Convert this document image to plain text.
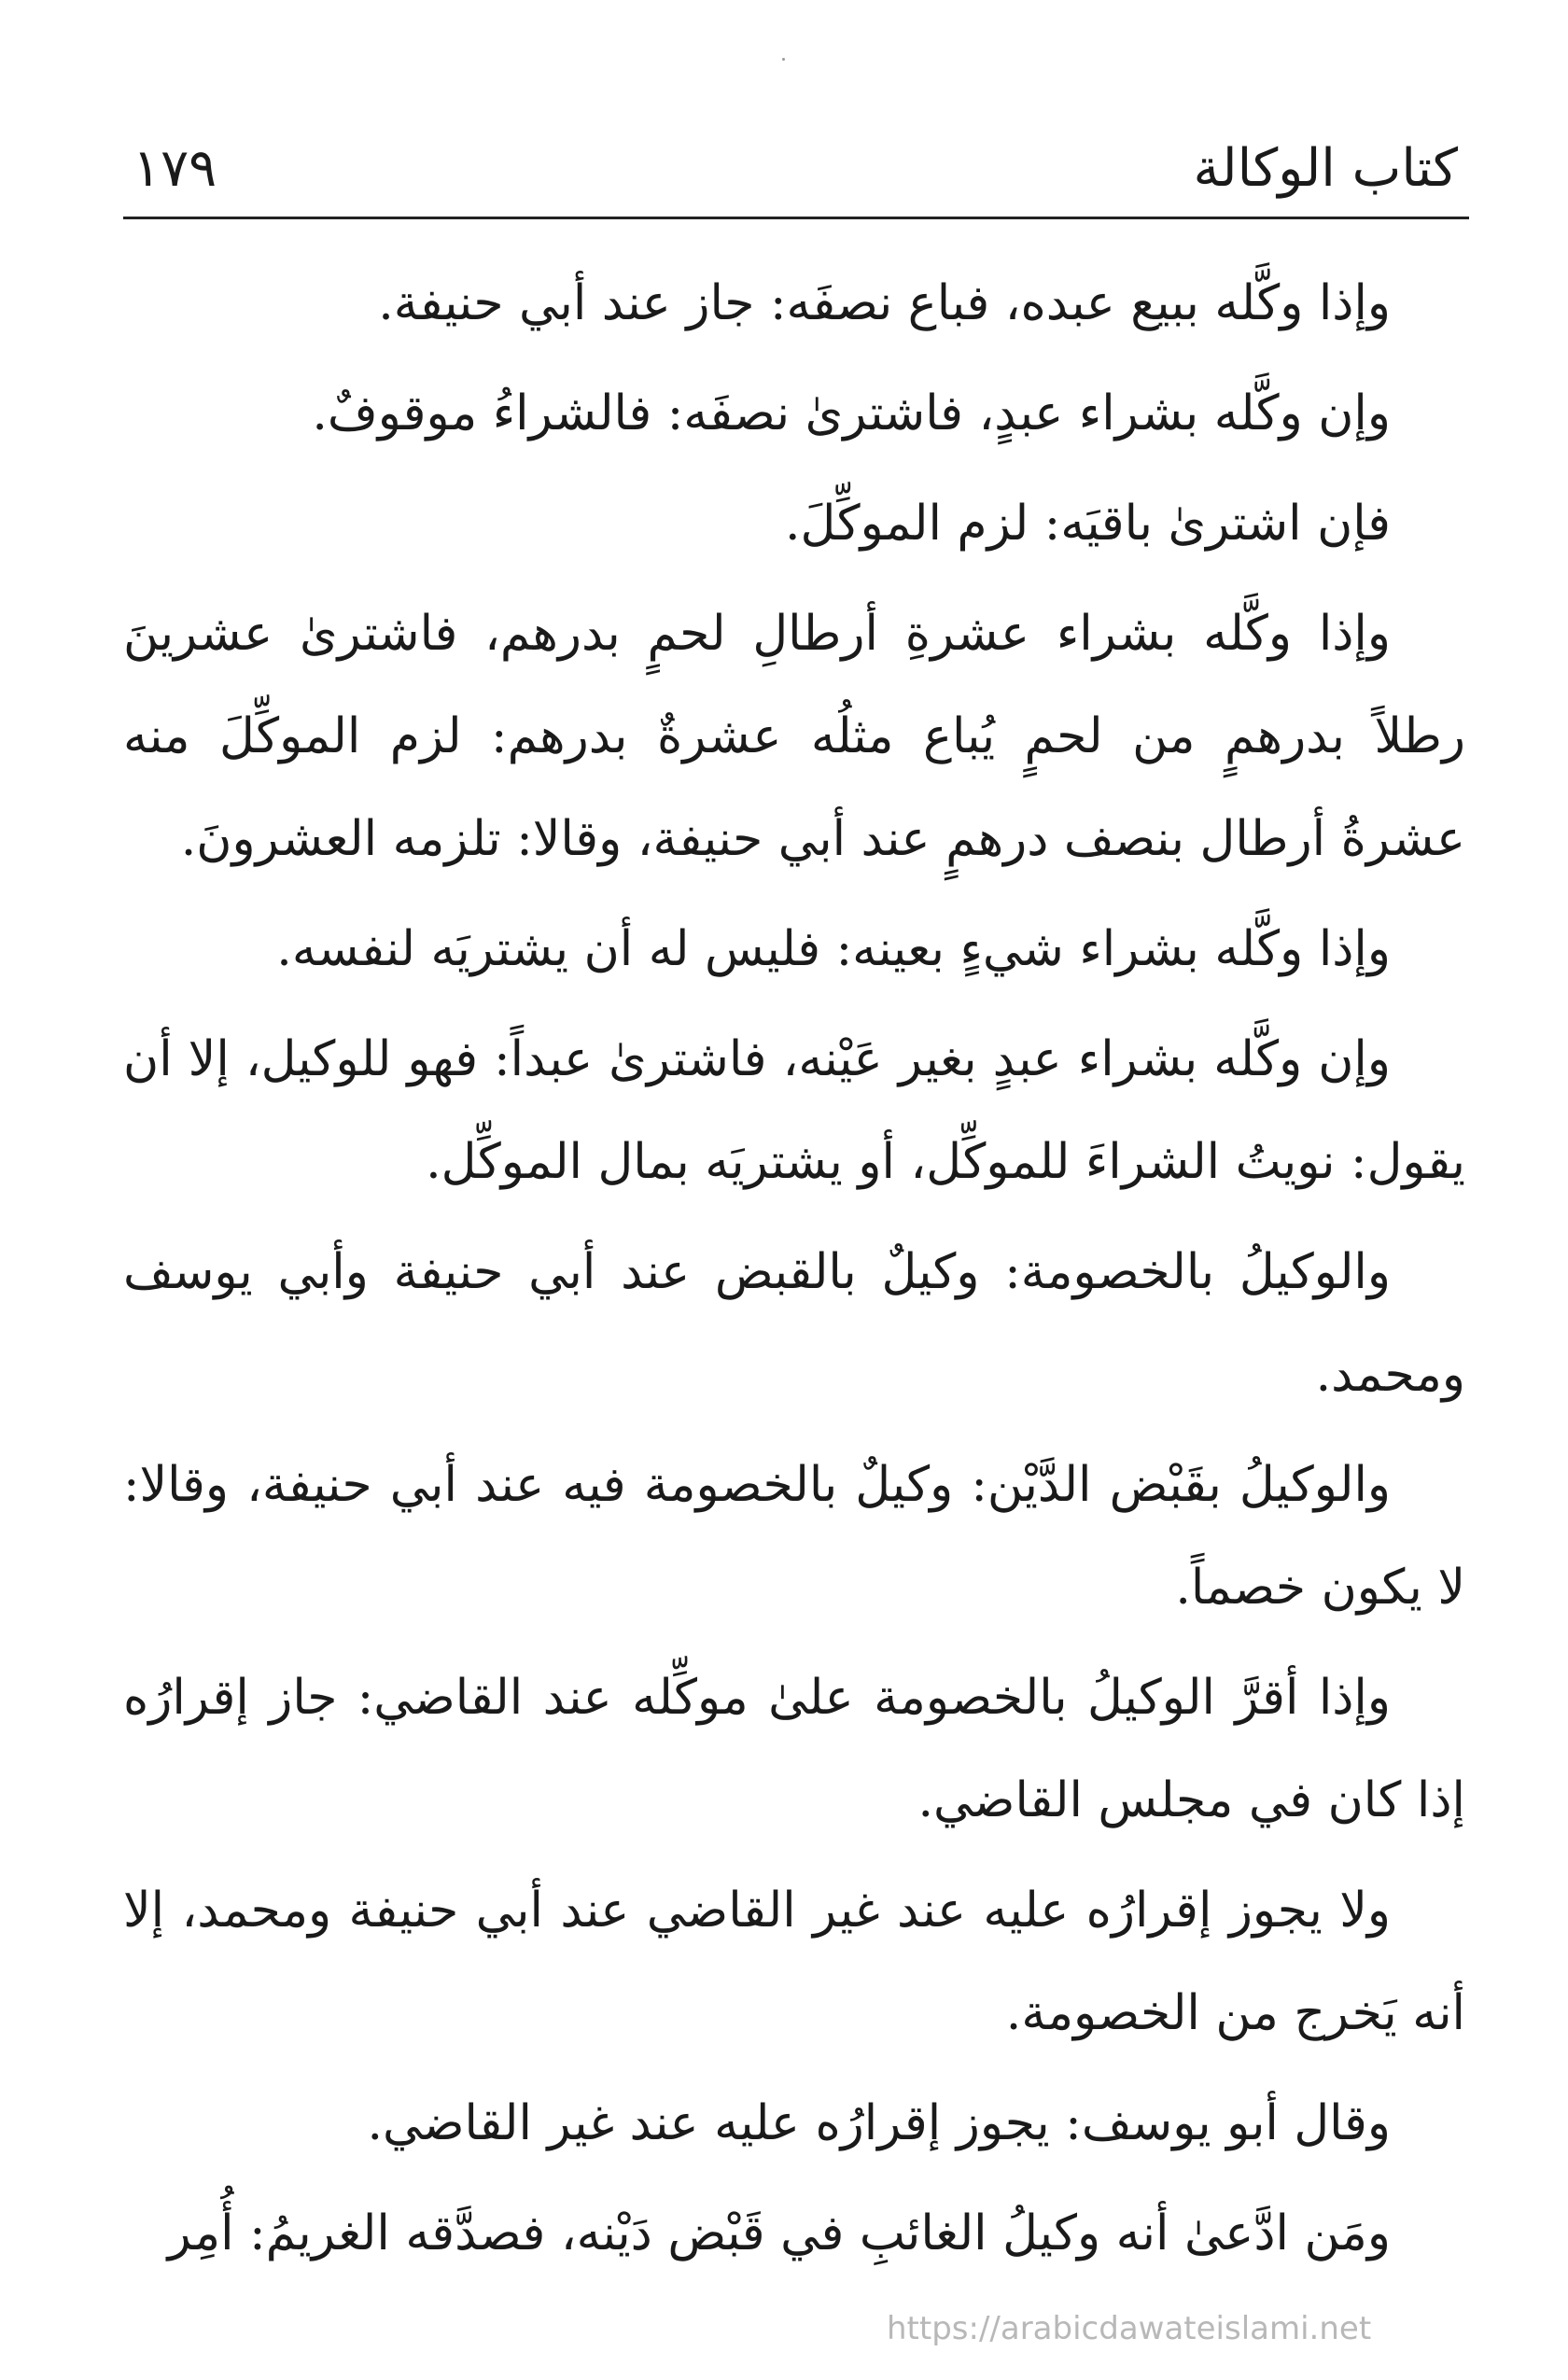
كتاب الوكالة
١٧٩

وإذا وكَّله ببيع عبده، فباع نصفَه: جاز عند أبي حنيفة.

وإن وكَّله بشراء عبدٍ، فاشترىٰ نصفَه: فالشراءُ موقوفٌ.

فإن اشترىٰ باقيَه: لزم الموكِّلَ.

وإذا وكَّله بشراء عشرةِ أرطالِ لحمٍ بدرهم، فاشترىٰ عشرينَ رطلاً بدرهمٍ من لحمٍ يُباع مثلُه عشرةٌ بدرهم: لزم الموكِّلَ منه عشرةُ أرطال بنصف درهمٍ عند أبي حنيفة، وقالا: تلزمه العشرونَ.

وإذا وكَّله بشراء شيءٍ بعينه: فليس له أن يشتريَه لنفسه.

وإن وكَّله بشراء عبدٍ بغير عَيْنه، فاشترىٰ عبداً: فهو للوكيل، إلا أن يقول: نويتُ الشراءَ للموكِّل، أو يشتريَه بمال الموكِّل.

والوكيلُ بالخصومة: وكيلٌ بالقبض عند أبي حنيفة وأبي يوسف ومحمد.

والوكيلُ بقَبْض الدَّيْن: وكيلٌ بالخصومة فيه عند أبي حنيفة، وقالا: لا يكون خصماً.

وإذا أقرَّ الوكيلُ بالخصومة علىٰ موكِّله عند القاضي: جاز إقرارُه إذا كان في مجلس القاضي.

ولا يجوز إقرارُه عليه عند غير القاضي عند أبي حنيفة ومحمد، إلا أنه يَخرج من الخصومة.

وقال أبو يوسف: يجوز إقرارُه عليه عند غير القاضي.

ومَن ادَّعىٰ أنه وكيلُ الغائبِ في قَبْض دَيْنه، فصدَّقه الغريمُ: أُمِر

https://arabicdawateislami.net
